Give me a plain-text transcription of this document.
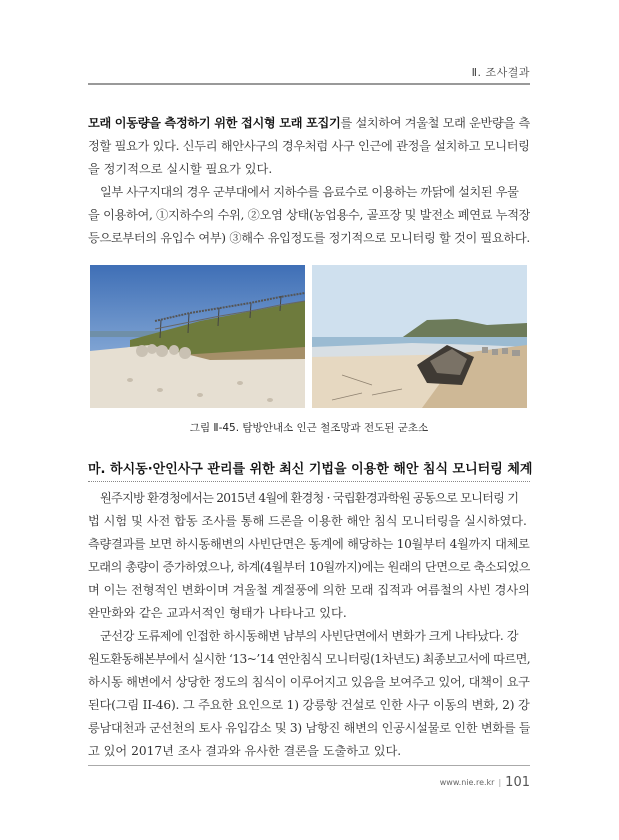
Ⅱ. 조사결과

모래 이동량을 측정하기 위한 접시형 모래 포집기를 설치하여 겨울철 모래 운반량을 측
정할 필요가 있다. 신두리 해안사구의 경우처럼 사구 인근에 관정을 설치하고 모니터링
을 정기적으로 실시할 필요가 있다.

일부 사구지대의 경우 군부대에서 지하수를 음료수로 이용하는 까닭에 설치된 우물
을 이용하여, ①지하수의 수위, ②오염 상태(농업용수, 골프장 및 발전소 폐연료 누적장
등으로부터의 유입수 여부) ③해수 유입정도를 정기적으로 모니터링 할 것이 필요하다.

그림 Ⅱ-45. 탐방안내소 인근 철조망과 전도된 군초소
마. 하시동·안인사구 관리를 위한 최신 기법을 이용한 해안 침식 모니터링 체계

원주지방 환경청에서는 2015년 4월에 환경청 · 국립환경과학원 공동으로 모니터링 기
법 시험 및 사전 합동 조사를 통해 드론을 이용한 해안 침식 모니터링을 실시하였다.
측량결과를 보면 하시동해변의 사빈단면은 동계에 해당하는 10월부터 4월까지 대체로
모래의 총량이 증가하였으나, 하계(4월부터 10월까지)에는 원래의 단면으로 축소되었으
며 이는 전형적인 변화이며 겨울철 계절풍에 의한 모래 집적과 여름철의 사빈 경사의
완만화와 같은 교과서적인 형태가 나타나고 있다.

군선강 도류제에 인접한 하시동해변 남부의 사빈단면에서 변화가 크게 나타났다. 강
원도환동해본부에서 실시한 ‘13~’14 연안침식 모니터링(1차년도) 최종보고서에 따르면,
하시동 해변에서 상당한 정도의 침식이 이루어지고 있음을 보여주고 있어, 대책이 요구
된다(그림 II-46). 그 주요한 요인으로 1) 강릉항 건설로 인한 사구 이동의 변화, 2) 강
릉남대천과 군선천의 토사 유입감소 및 3) 남항진 해변의 인공시설물로 인한 변화를 들
고 있어 2017년 조사 결과와 유사한 결론을 도출하고 있다.

www.nie.re.kr | 101
